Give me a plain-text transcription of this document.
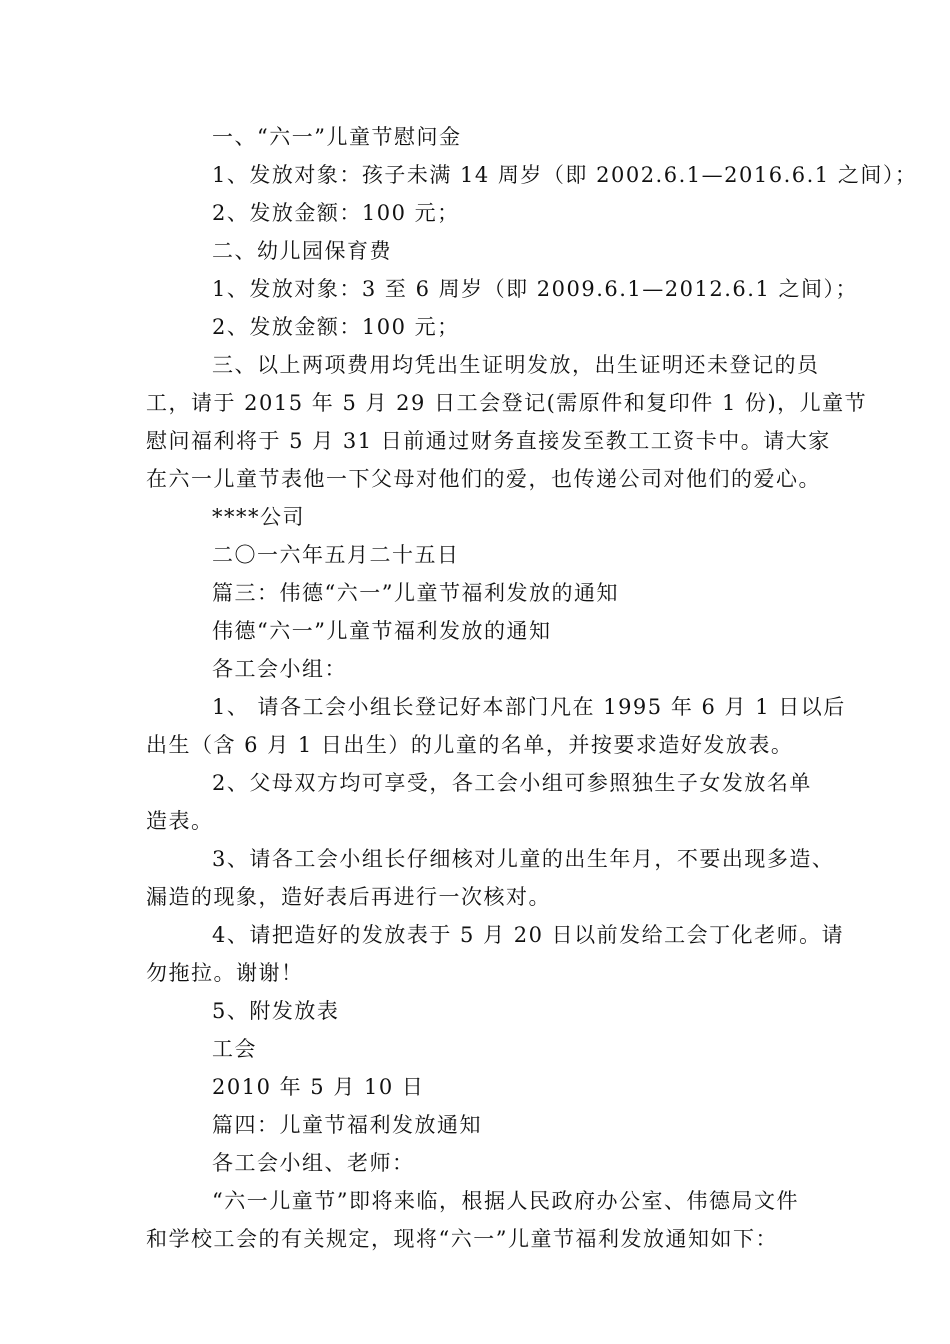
一、“六一”儿童节慰问金
1、发放对象：孩子未满 14 周岁（即 2002.6.1—2016.6.1 之间）；
2、发放金额：100 元；
二、幼儿园保育费
1、发放对象：3 至 6 周岁（即 2009.6.1—2012.6.1 之间）；
2、发放金额：100 元；
三、以上两项费用均凭出生证明发放，出生证明还未登记的员
工，请于 2015 年 5 月 29 日工会登记(需原件和复印件 1 份)，儿童节
慰问福利将于 5 月 31 日前通过财务直接发至教工工资卡中。请大家
在六一儿童节表他一下父母对他们的爱，也传递公司对他们的爱心。
****公司
二〇一六年五月二十五日
篇三：伟德“六一”儿童节福利发放的通知
伟德“六一”儿童节福利发放的通知
各工会小组：
1、 请各工会小组长登记好本部门凡在 1995 年 6 月 1 日以后
出生（含 6 月 1 日出生）的儿童的名单，并按要求造好发放表。
2、父母双方均可享受，各工会小组可参照独生子女发放名单
造表。
3、请各工会小组长仔细核对儿童的出生年月，不要出现多造、
漏造的现象，造好表后再进行一次核对。
4、请把造好的发放表于 5 月 20 日以前发给工会丁化老师。请
勿拖拉。谢谢！
5、附发放表
工会
2010 年 5 月 10 日
篇四：儿童节福利发放通知
各工会小组、老师：
“六一儿童节”即将来临，根据人民政府办公室、伟德局文件
和学校工会的有关规定，现将“六一”儿童节福利发放通知如下：
